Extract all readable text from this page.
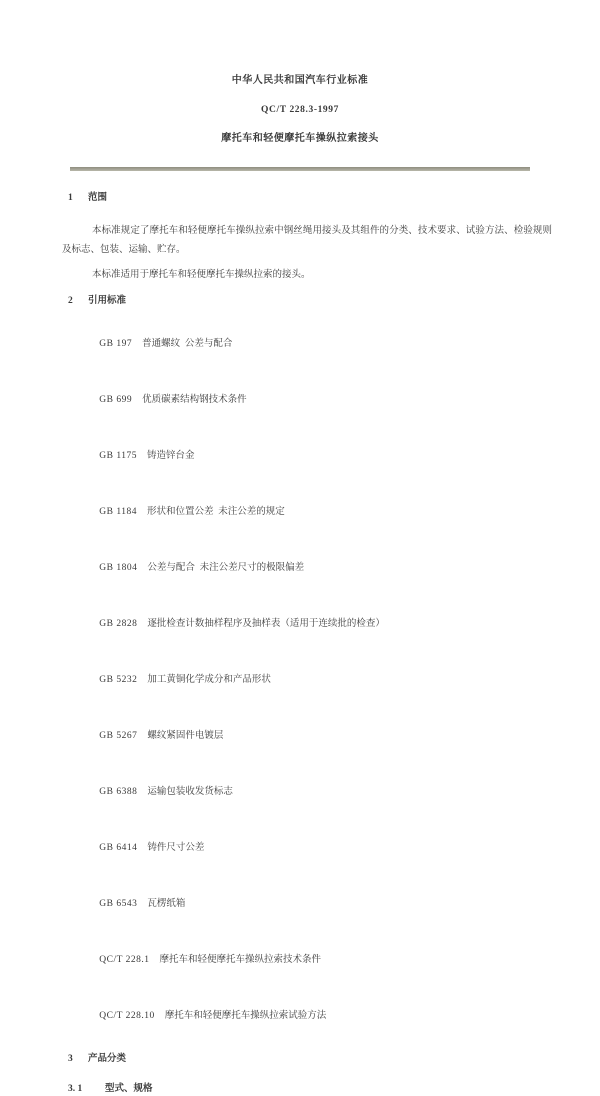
中华人民共和国汽车行业标准
QC/T 228.3-1997
摩托车和轻便摩托车操纵拉索接头
1 范围
本标准规定了摩托车和轻便摩托车操纵拉索中钢丝绳用接头及其组件的分类、技术要求、试验方法、检验规则及标志、包装、运输、贮存。
本标准适用于摩托车和轻便摩托车操纵拉索的接头。
2 引用标准

GB 197 普通螺纹  公差与配合

GB 699 优质碳素结构钢技术条件

GB 1175 铸造锌台金

GB 1184 形状和位置公差  未注公差的规定

GB 1804 公差与配合  未注公差尺寸的极限偏差

GB 2828 逐批检查计数抽样程序及抽样表（适用于连续批的检查）

GB 5232 加工黄铜化学成分和产品形状

GB 5267 螺纹紧固件电镀层

GB 6388 运输包装收发货标志

GB 6414 铸件尺寸公差

GB 6543 瓦楞纸箱

QC/T 228.1 摩托车和轻便摩托车操纵拉索技术条件

QC/T 228.10 摩托车和轻便摩托车操纵拉索试验方法

3 产品分类
3. 1 型式、规格
